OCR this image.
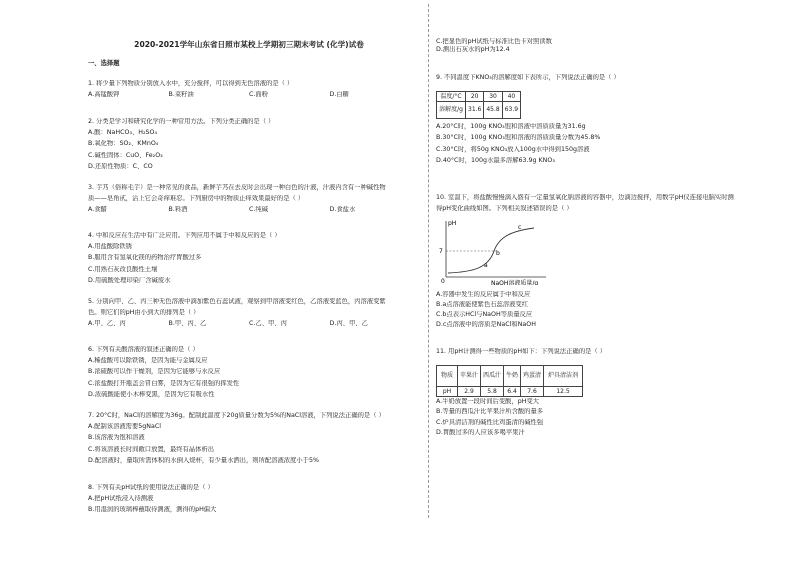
2020-2021学年山东省日照市某校上学期初三期末考试 (化学)试卷
一、选择题
1. 将少量下列物质分别放入水中，充分搅拌，可以得到无色溶液的是（ ）
A.高锰酸钾	B.菜籽油	C.面粉	D.白糖
2. 分类是学习和研究化学的一种常用方法。下列分类正确的是（ ）
A.酸：NaHCO₃、H₂SO₄
B.氧化物：SO₂、KMnO₄
C.碱性固体：CuO、Fe₂O₃
D.还原性物质：C、CO
3. 芋艿（俗称毛芋）是一种常见的食品，新鲜芋艿在去皮时会出现一种白色的汁液，汁液内含有一种碱性物
质——皂角甙，沾上它会奇痒难忍。下列厨房中的物质止痒效果最好的是（ ）
A.食醋	B.料酒	C.纯碱	D.食盐水
4. 中和反应在生活中有广泛应用。下列应用不属于中和反应的是（ ）
A.用盐酸除铁锈
B.服用含有氢氧化镁的药物治疗胃酸过多
C.用熟石灰改良酸性土壤
D.用硫酸处理印染厂含碱废水
5. 分别向甲、乙、丙三种无色溶液中滴加紫色石蕊试液，观察到甲溶液变红色，乙溶液变蓝色，丙溶液变紫
色。则它们的pH由小到大的排列是（ ）
A.甲、乙、丙	B.甲、丙、乙	C.乙、甲、丙	D.丙、甲、乙
6. 下列有关酸溶液的叙述正确的是（ ）
A.稀盐酸可以除铁锈，是因为能与金属反应
B.浓硫酸可以作干燥剂，是因为它能够与水反应
C.浓盐酸打开瓶盖会冒白雾，是因为它有很强的挥发性
D.浓硫酸能使小木棒变黑，是因为它有吸水性
7. 20°C时，NaCl的溶解度为36g。配制此温度下20g质量分数为5%的NaCl溶液，下列说法正确的是（ ）
A.配制该溶液需要5gNaCl
B.该溶液为饱和溶液
C.将该溶液长时间敞口放置，最终有晶体析出
D.配溶液时，量取所需体积的水倒入烧杯，有少量水洒出，则所配溶液浓度小于5%
8. 下列有关pH试纸的使用说法正确的是（ ）
A.把pH试纸浸入待测液
B.用湿润的玻璃棒蘸取待测液，测得的pH偏大
C.把显色的pH试纸与标准比色卡对照读数
D.测出石灰水的pH为12.4
9. 不同温度下KNO₃的溶解度如下表所示，下列说法正确的是（ ）
温度/°C	20	30	40
溶解度/g	31.6	45.8	63.9
A.20°C时，100g KNO₃饱和溶液中溶质质量为31.6g
B.30°C时，100g KNO₃饱和溶液的溶质质量分数为45.8%
C.30°C时，将50g KNO₃放入100g水中得到150g溶液
D.40°C时，100g水最多溶解63.9g KNO₃
10. 室温下，将盐酸慢慢滴入盛有一定量氢氧化钠溶液的容器中，边滴边搅拌，用数字pH仪连接电脑实时测
得pH变化曲线如图。下列相关叙述错误的是（ ）
pH
7
0
a
b
c
NaOH溶液质量/g
A.容器中发生的反应属于中和反应
B.a点溶液能使紫色石蕊溶液变红
C.b点表示HCl与NaOH等质量反应
D.c点溶液中的溶质是NaCl和NaOH
11. 用pH计测得一些物质的pH如下：下列说法正确的是（ ）
物质	苹果汁	西瓜汁	牛奶	鸡蛋清	炉具清洁剂
pH	2.9	5.8	6.4	7.6	12.5
A.牛奶放置一段时间后变酸，pH变大
B.等量的西瓜汁比苹果汁所含酸的量多
C.炉具清洁剂的碱性比鸡蛋清的碱性强
D.胃酸过多的人应该多喝苹果汁
